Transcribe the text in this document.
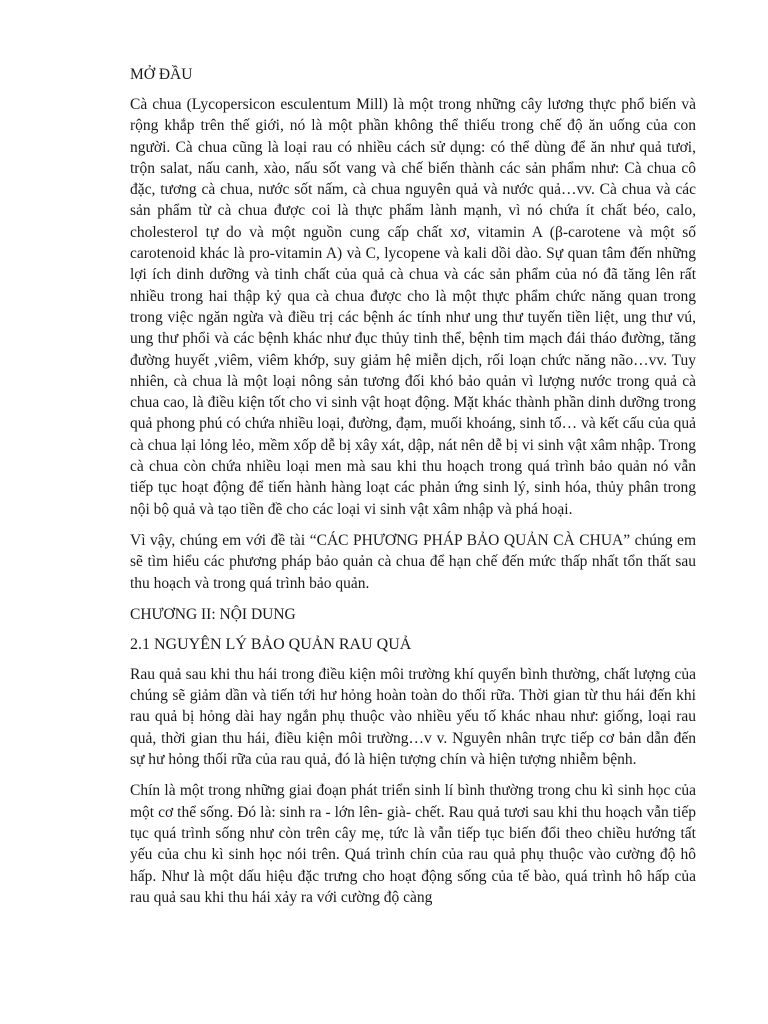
MỞ ĐẦU

Cà chua (Lycopersicon esculentum Mill) là một trong những cây lương thực phổ biến và rộng khắp trên thế giới, nó là một phần không thể thiếu trong chế độ ăn uống của con người. Cà chua cũng là loại rau có nhiều cách sử dụng: có thể dùng để ăn như quả tươi, trộn salat, nấu canh, xào, nấu sốt vang và chế biến thành các sản phẩm như: Cà chua cô đặc, tương cà chua, nước sốt nấm, cà chua nguyên quả và nước quả…vv. Cà chua và các sản phẩm từ cà chua được coi là thực phẩm lành mạnh, vì nó chứa ít chất béo, calo, cholesterol tự do và một nguồn cung cấp chất xơ, vitamin A (β-carotene và một số carotenoid khác là pro-vitamin A) và C, lycopene và kali dồi dào. Sự quan tâm đến những lợi ích dinh dưỡng và tinh chất của quả cà chua và các sản phẩm của nó đã tăng lên rất nhiều trong hai thập kỷ qua cà chua được cho là một thực phẩm chức năng quan trong trong việc ngăn ngừa và điều trị các bệnh ác tính như ung thư tuyến tiền liệt, ung thư vú, ung thư phổi và các bệnh khác như đục thủy tinh thể, bệnh tim mạch đái tháo đường, tăng đường huyết ,viêm, viêm khớp, suy giảm hệ miễn dịch, rối loạn chức năng não…vv. Tuy nhiên, cà chua là một loại nông sản tương đối khó bảo quản vì lượng nước trong quả cà chua cao, là điều kiện tốt cho vi sinh vật hoạt động. Mặt khác thành phần dinh dưỡng trong quả phong phú có chứa nhiều loại, đường, đạm, muối khoáng, sinh tố… và kết cấu của quả cà chua lại lỏng lẻo, mềm xốp dễ bị xây xát, dập, nát nên dễ bị vi sinh vật xâm nhập. Trong cà chua còn chứa nhiều loại men mà sau khi thu hoạch trong quá trình bảo quản nó vẫn tiếp tục hoạt động để tiến hành hàng loạt các phản ứng sinh lý, sinh hóa, thủy phân trong nội bộ quả và tạo tiền đề cho các loại vi sinh vật xâm nhập và phá hoại.

Vì vậy, chúng em với đề tài “CÁC PHƯƠNG PHÁP BẢO QUẢN CÀ CHUA” chúng em sẽ tìm hiểu các phương pháp bảo quản cà chua để hạn chế đến mức thấp nhất tổn thất sau thu hoạch và trong quá trình bảo quản.

CHƯƠNG II: NỘI DUNG
2.1 NGUYÊN LÝ BẢO QUẢN RAU QUẢ

Rau quả sau khi thu hái trong điều kiện môi trường khí quyển bình thường, chất lượng của chúng sẽ giảm dần và tiến tới hư hỏng hoàn toàn do thối rữa. Thời gian từ thu hái đến khi rau quả bị hỏng dài hay ngắn phụ thuộc vào nhiều yếu tố khác nhau như: giống, loại rau quả, thời gian thu hái, điều kiện môi trường…v v. Nguyên nhân trực tiếp cơ bản dẫn đến sự hư hỏng thối rữa của rau quả, đó là hiện tượng chín và hiện tượng nhiễm bệnh.

Chín là một trong những giai đoạn phát triển sinh lí bình thường trong chu kì sinh học của một cơ thể sống. Đó là: sinh ra - lớn lên- già- chết. Rau quả tươi sau khi thu hoạch vẫn tiếp tục quá trình sống như còn trên cây mẹ, tức là vẫn tiếp tục biến đổi theo chiều hướng tất yếu của chu kì sinh học nói trên. Quá trình chín của rau quả phụ thuộc vào cường độ hô hấp. Như là một dấu hiệu đặc trưng cho hoạt động sống của tế bào, quá trình hô hấp của rau quả sau khi thu hái xảy ra với cường độ càng
